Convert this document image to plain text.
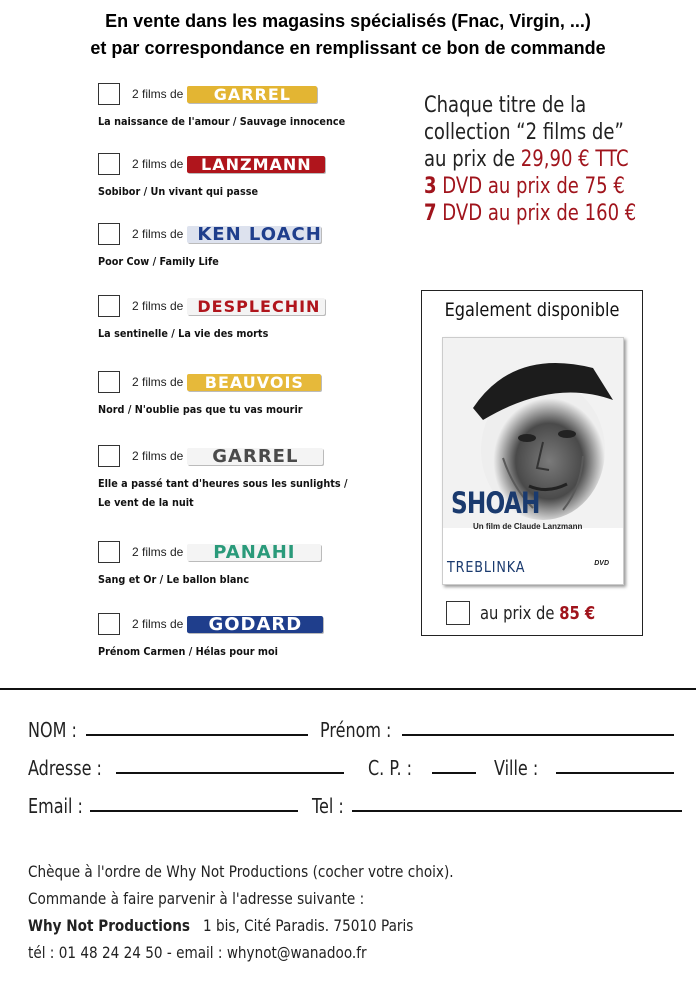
En vente dans les magasins spécialisés (Fnac, Virgin, ...)
et par correspondance en remplissant ce bon de commande
2 films de	GARREL
La naissance de l'amour / Sauvage innocence
2 films de	LANZMANN
Sobibor / Un vivant qui passe
2 films de KEN LOACH
Poor Cow / Family Life
2 films de DESPLECHIN
La sentinelle / La vie des morts
2 films de	BEAUVOIS
Nord / N'oublie pas que tu vas mourir
2 films de	GARREL
Elle a passé tant d'heures sous les sunlights /
Le vent de la nuit
2 films de	PANAHI
Sang et Or / Le ballon blanc
2 films de	GODARD
Prénom Carmen / Hélas pour moi
Chaque titre de la
collection “2 films de”
au prix de 29,90 € TTC
3 DVD au prix de 75 €
7 DVD au prix de 160 €
Egalement disponible
SHOAH
Un film de Claude Lanzmann
TREBLINKA	DVD
au prix de 85 €
NOM :	Prénom :
Adresse :	C. P. :	Ville :
Email :	Tel :
Chèque à l'ordre de Why Not Productions (cocher votre choix).
Commande à faire parvenir à l'adresse suivante :
Why Not Productions 1 bis, Cité Paradis. 75010 Paris
tél : 01 48 24 24 50 - email : whynot@wanadoo.fr
